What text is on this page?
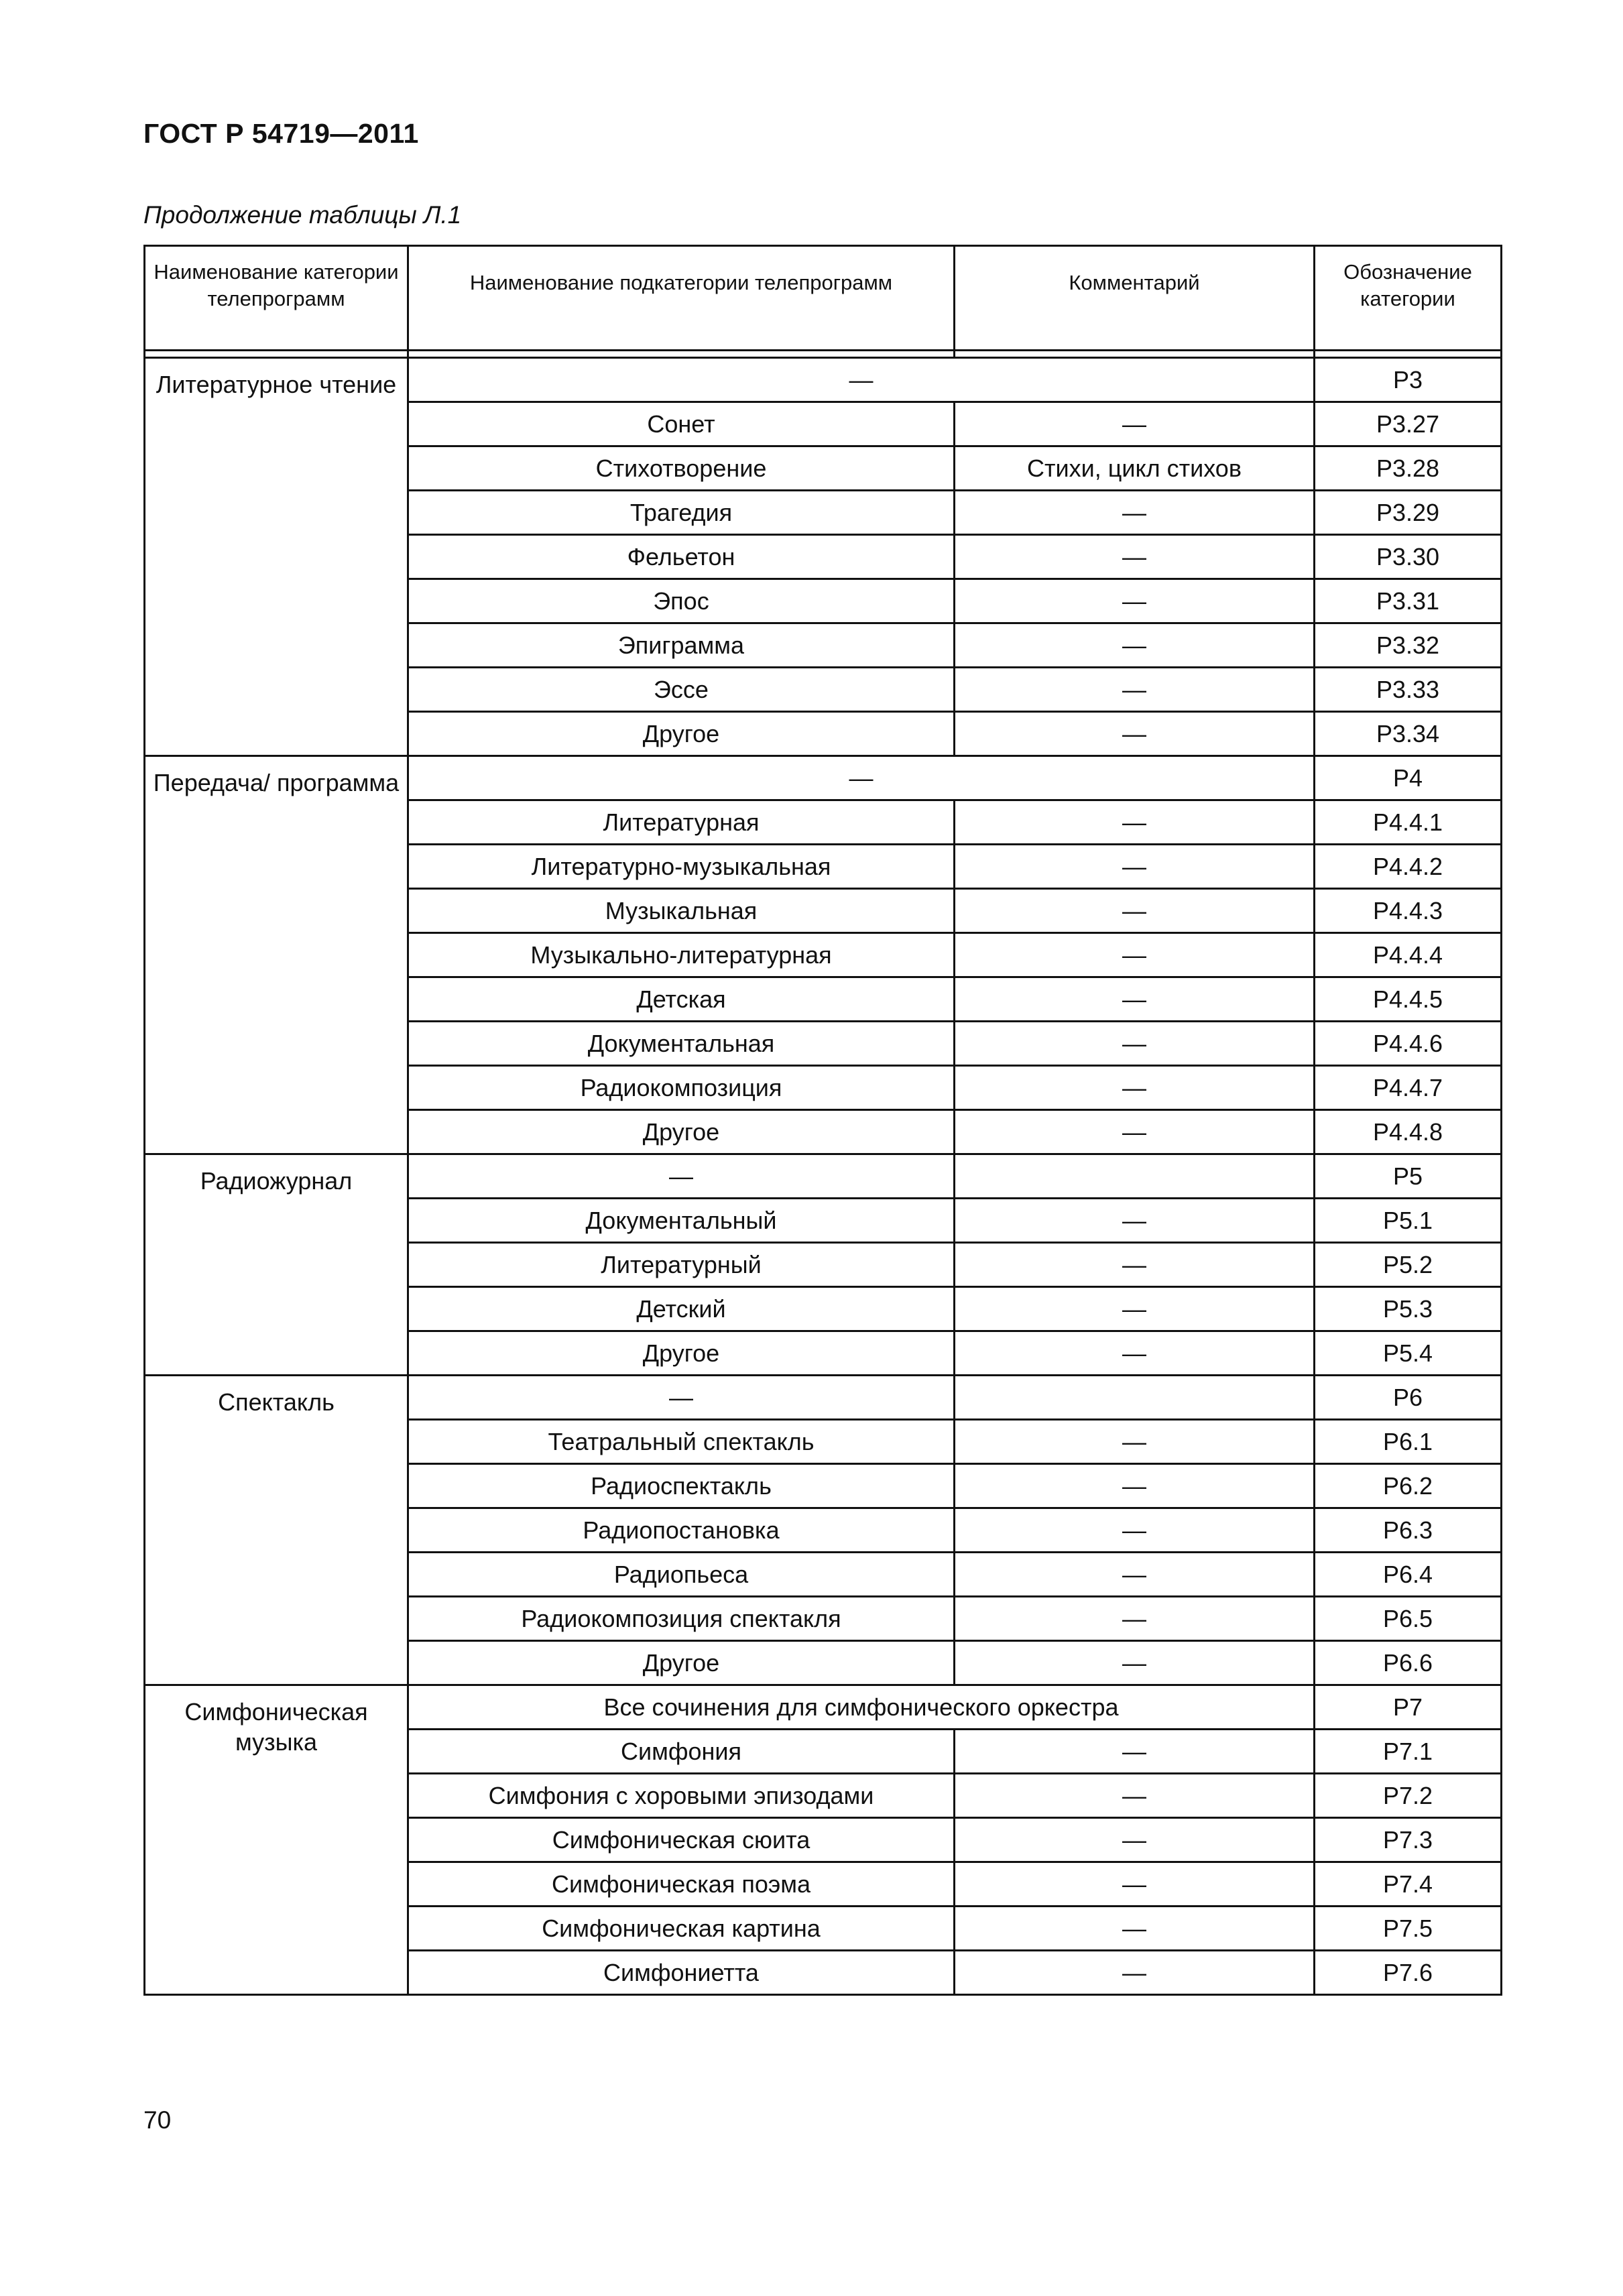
ГОСТ Р 54719—2011
Продолжение таблицы Л.1
Наименование категории телепрограмм	Наименование подкатегории телепрограмм	Комментарий	Обозначение категории

Литературное чтение	—		Р3
	Сонет	—	Р3.27
	Стихотворение	Стихи, цикл стихов	Р3.28
	Трагедия	—	Р3.29
	Фельетон	—	Р3.30
	Эпос	—	Р3.31
	Эпиграмма	—	Р3.32
	Эссе	—	Р3.33
	Другое	—	Р3.34
Передача/ программа	—		Р4
	Литературная	—	Р4.4.1
	Литературно-музыкальная	—	Р4.4.2
	Музыкальная	—	Р4.4.3
	Музыкально-литературная	—	Р4.4.4
	Детская	—	Р4.4.5
	Документальная	—	Р4.4.6
	Радиокомпозиция	—	Р4.4.7
	Другое	—	Р4.4.8
Радиожурнал	—		Р5
	Документальный	—	Р5.1
	Литературный	—	Р5.2
	Детский	—	Р5.3
	Другое	—	Р5.4
Спектакль	—		Р6
	Театральный спектакль	—	Р6.1
	Радиоспектакль	—	Р6.2
	Радиопостановка	—	Р6.3
	Радиопьеса	—	Р6.4
	Радиокомпозиция спектакля	—	Р6.5
	Другое	—	Р6.6
Симфоническая музыка	Все сочинения для симфонического оркестра		Р7
	Симфония	—	Р7.1
	Симфония с хоровыми эпизодами	—	Р7.2
	Симфоническая сюита	—	Р7.3
	Симфоническая поэма	—	Р7.4
	Симфоническая картина	—	Р7.5
	Симфониетта	—	Р7.6
70
